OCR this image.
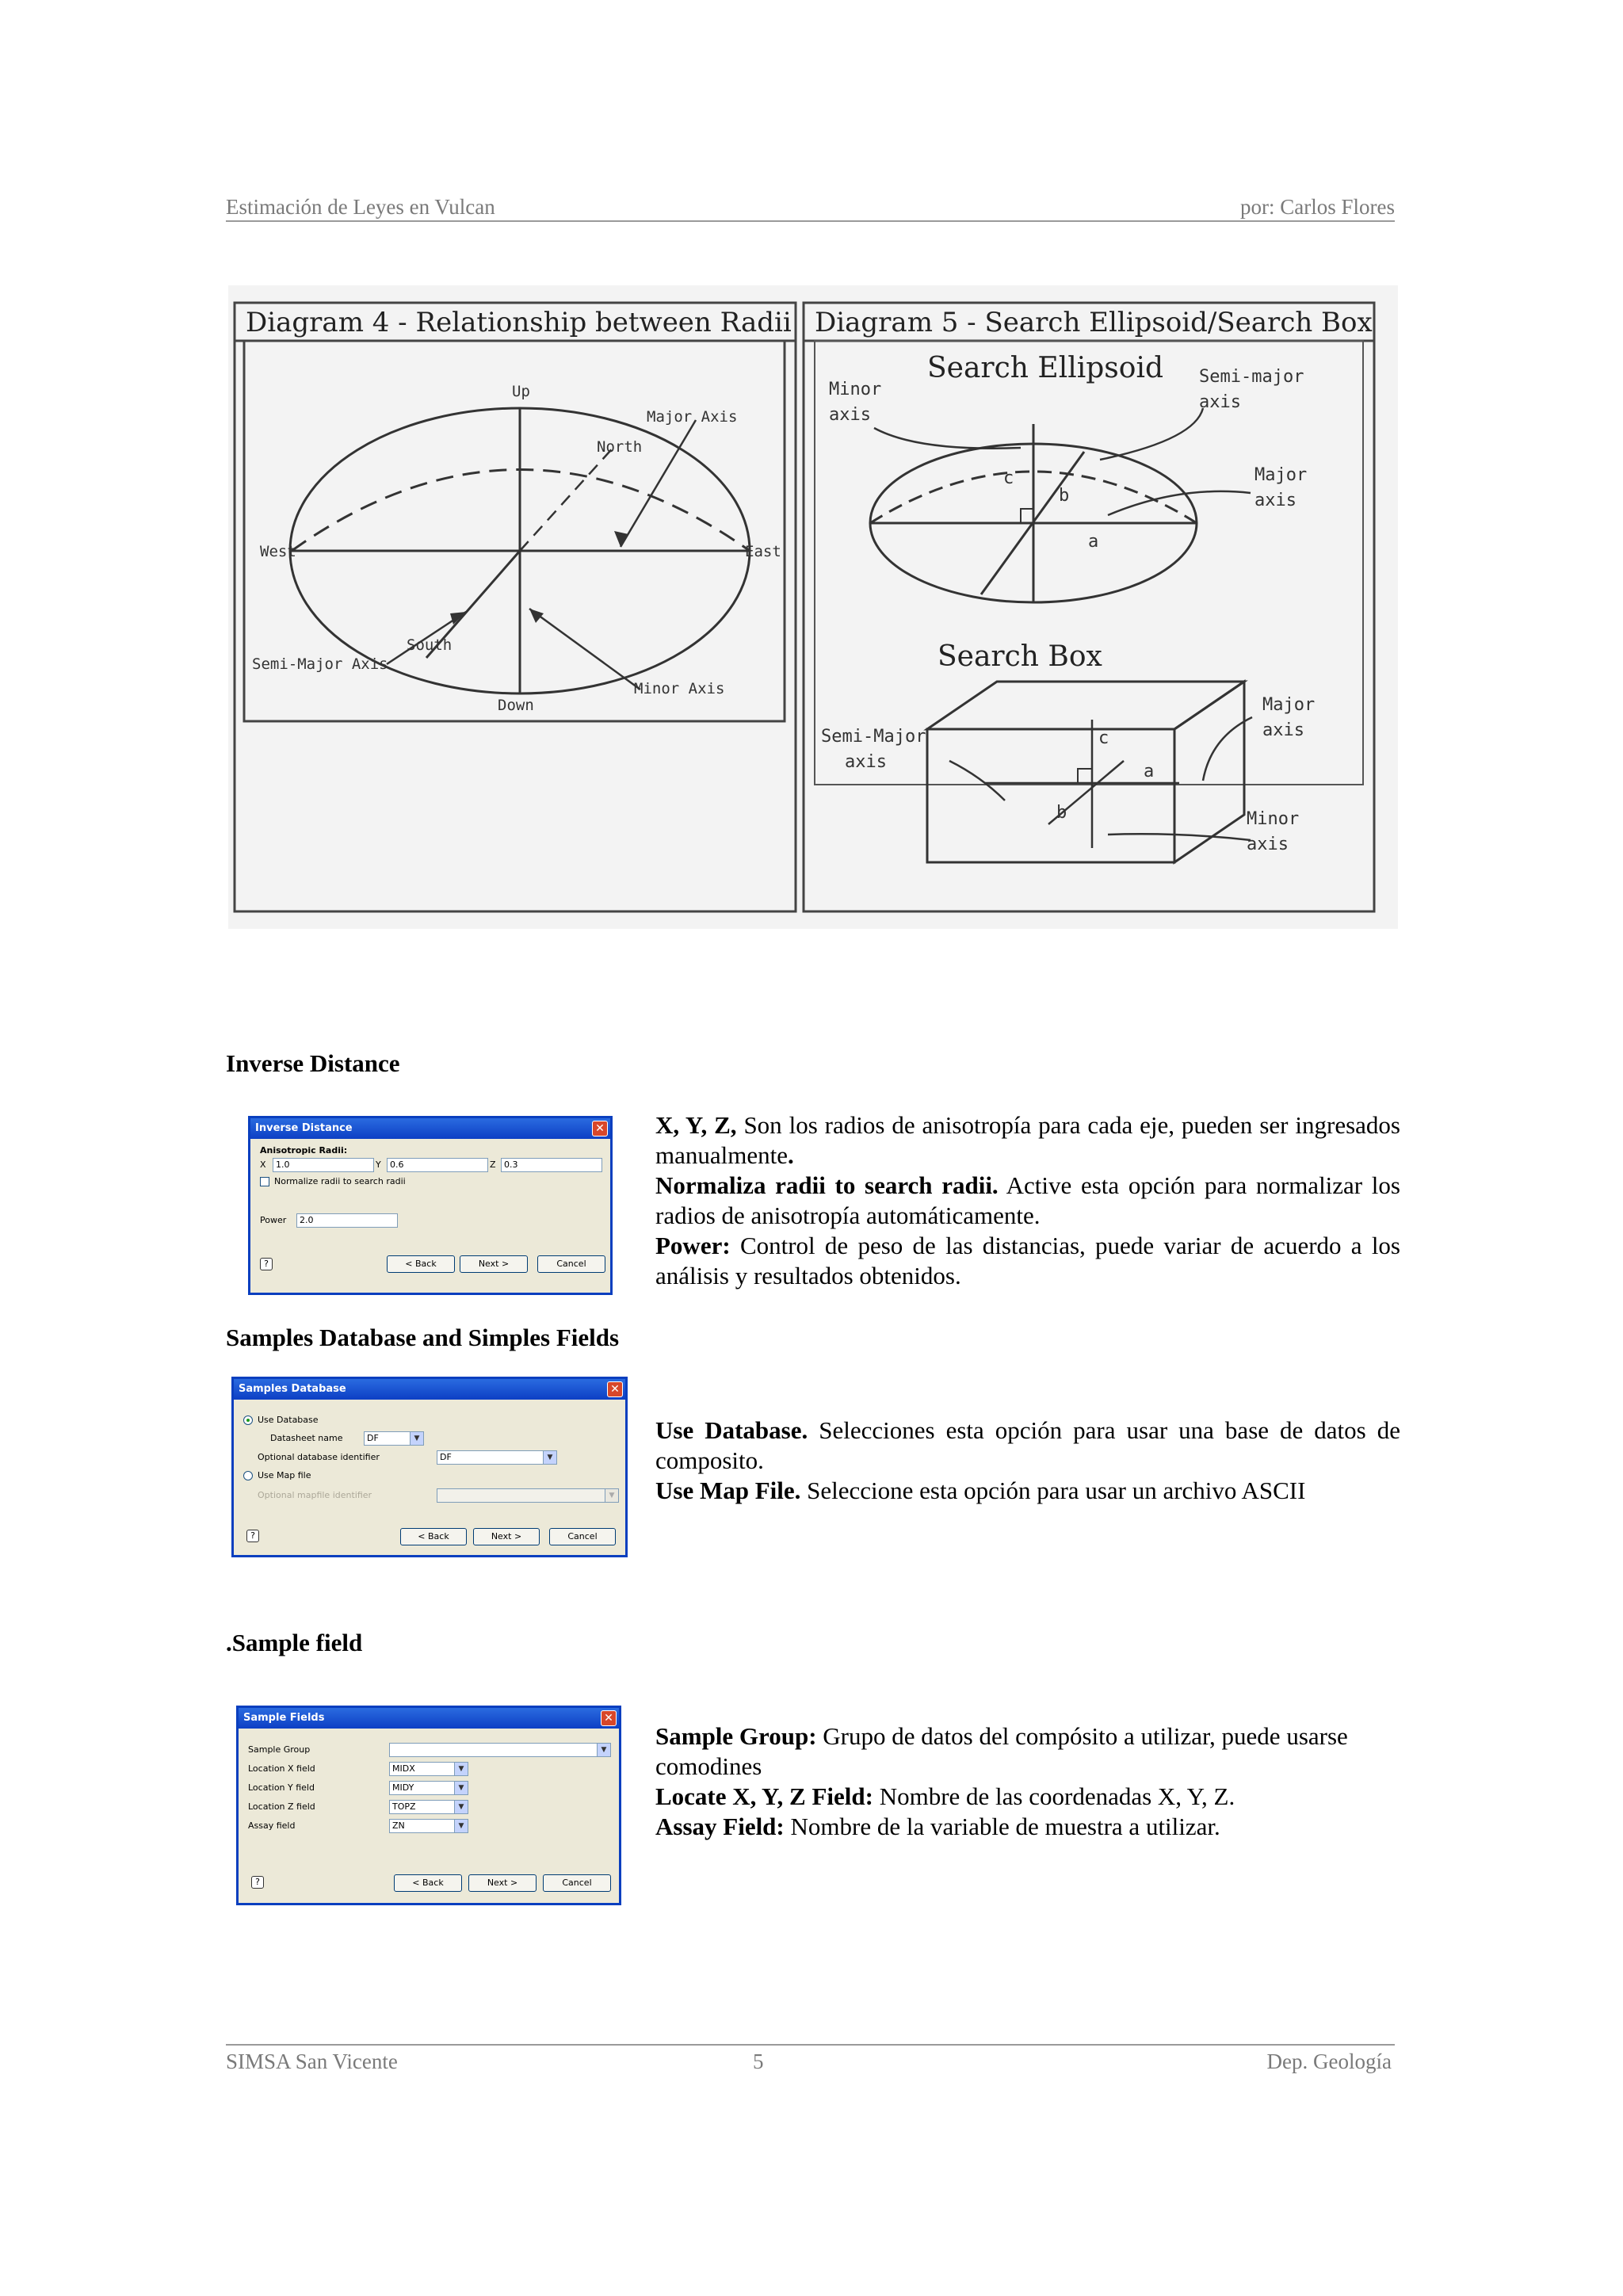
Estimación de Leyes en Vulcan	por: Carlos Flores
Diagram 4 - Relationship between Radii
Up
Major Axis
North
West	East
South
Semi-Major Axis
Minor Axis
Down
Diagram 5 - Search Ellipsoid/Search Box
Search Ellipsoid
Minor
axis
Semi-major
axis
Major
axis
c
b
a
Search Box
Semi-Major
axis
Major
axis
Minor
axis
c
a
b
Inverse Distance
Inverse Distance	✕
Anisotropic Radii:
X	1.0	Y	0.6	Z 0.3
Normalize radii to search radii
Power	2.0
?	< Back	Next >	Cancel

X, Y, Z, Son los radios de anisotropía para cada eje, pueden ser ingresados manualmente.

Normaliza radii to search radii. Active esta opción para normalizar los radios de anisotropía automáticamente.

Power: Control de peso de las distancias, puede variar de acuerdo a los análisis y resultados obtenidos.

Samples Database and Simples Fields
Samples Database	✕
Use Database
Datasheet name	DF	▼
Optional database identifier	DF	▼
Use Map file
Optional mapfile identifier	▼
?	< Back	Next >	Cancel

Use Database. Selecciones esta opción para usar una base de datos de composito.

Use Map File. Seleccione esta opción para usar un archivo ASCII

.Sample field
Sample Fields	✕
Sample Group	▼
Location X field	MIDX	▼
Location Y field	MIDY	▼
Location Z field	TOPZ	▼
Assay field	ZN	▼
?	< Back	Next >	Cancel

Sample Group: Grupo de datos del compósito a utilizar, puede usarse comodines

Locate X, Y, Z Field: Nombre de las coordenadas X, Y, Z.

Assay Field: Nombre de la variable de muestra a utilizar.

SIMSA San Vicente	5	Dep. Geología
